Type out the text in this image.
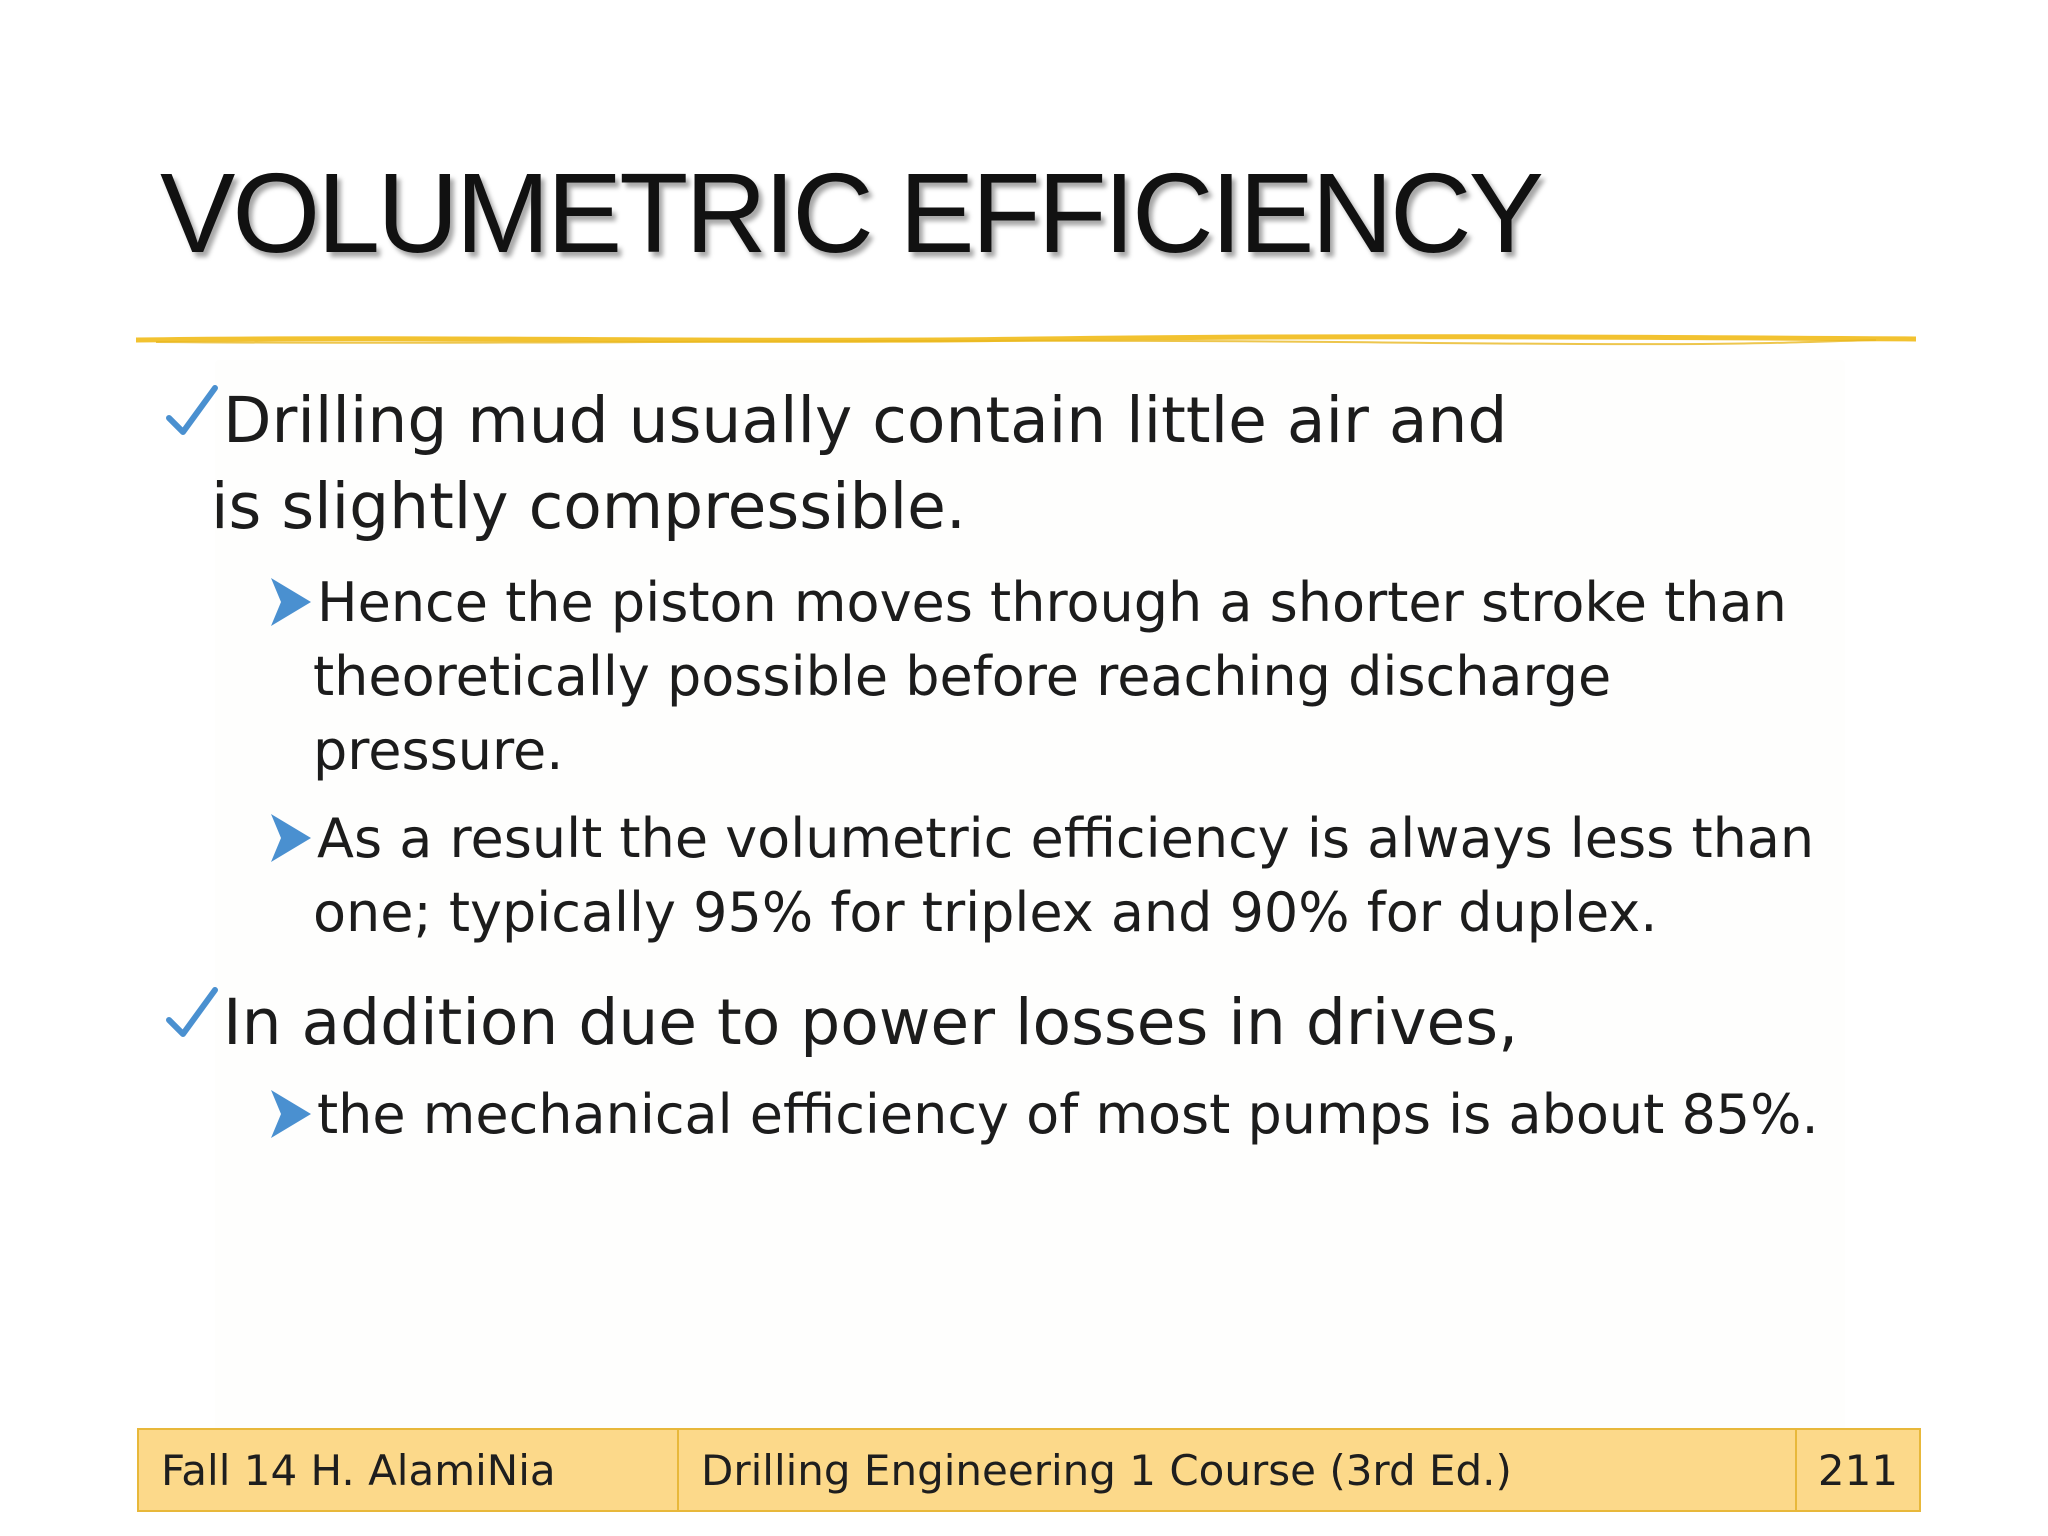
VOLUMETRIC EFFICIENCY
Drilling mud usually contain little air and
is slightly compressible.
Hence the piston moves through a shorter stroke than
theoretically possible before reaching discharge
pressure.
As a result the volumetric efficiency is always less than
one; typically 95% for triplex and 90% for duplex.
In addition due to power losses in drives,
the mechanical efficiency of most pumps is about 85%.
Fall 14 H. AlamiNia	Drilling Engineering 1 Course (3rd Ed.)	211
